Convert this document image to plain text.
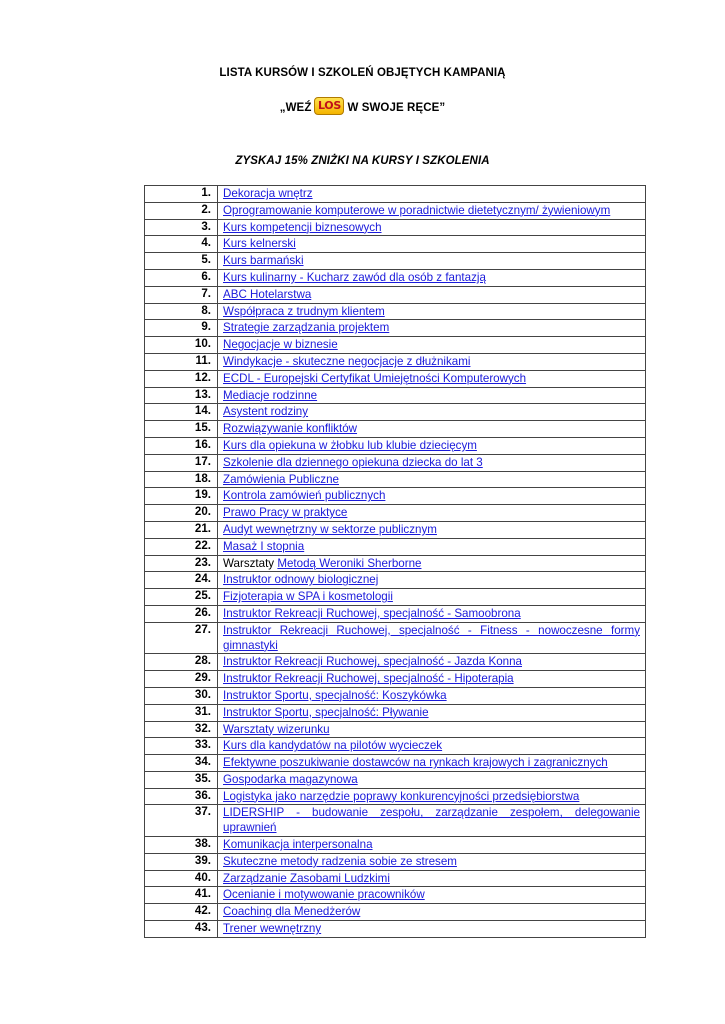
LISTA KURSÓW I SZKOLEŃ OBJĘTYCH KAMPANIĄ
„WEŹ LOS W SWOJE RĘCE”
ZYSKAJ 15% ZNIŻKI NA KURSY I SZKOLENIA
1.	Dekoracja wnętrz
2.	Oprogramowanie komputerowe w poradnictwie dietetycznym/ żywieniowym
3.	Kurs kompetencji biznesowych
4.	Kurs kelnerski
5.	Kurs barmański
6.	Kurs kulinarny - Kucharz zawód dla osób z fantazją
7.	ABC Hotelarstwa
8.	Współpraca z trudnym klientem
9.	Strategie zarządzania projektem
10.	Negocjacje w biznesie
11.	Windykacje - skuteczne negocjacje z dłużnikami
12.	ECDL - Europejski Certyfikat Umiejętności Komputerowych
13.	Mediacje rodzinne
14.	Asystent rodziny
15.	Rozwiązywanie konfliktów
16.	Kurs dla opiekuna w żłobku lub klubie dziecięcym
17.	Szkolenie dla dziennego opiekuna dziecka do lat 3
18.	Zamówienia Publiczne
19.	Kontrola zamówień publicznych
20.	Prawo Pracy w praktyce
21.	Audyt wewnętrzny w sektorze publicznym
22.	Masaż I stopnia
23.	Warsztaty Metodą Weroniki Sherborne
24.	Instruktor odnowy biologicznej
25.	Fizjoterapia w SPA i kosmetologii
26.	Instruktor Rekreacji Ruchowej, specjalność - Samoobrona
27.	Instruktor Rekreacji Ruchowej, specjalność - Fitness - nowoczesne formy gimnastyki
28.	Instruktor Rekreacji Ruchowej, specjalność - Jazda Konna
29.	Instruktor Rekreacji Ruchowej, specjalność - Hipoterapia
30.	Instruktor Sportu, specjalność: Koszykówka
31.	Instruktor Sportu, specjalność: Pływanie
32.	Warsztaty wizerunku
33.	Kurs dla kandydatów na pilotów wycieczek
34.	Efektywne poszukiwanie dostawców na rynkach krajowych i zagranicznych
35.	Gospodarka magazynowa
36.	Logistyka jako narzędzie poprawy konkurencyjności przedsiębiorstwa
37.	LIDERSHIP - budowanie zespołu, zarządzanie zespołem, delegowanie uprawnień
38.	Komunikacja interpersonalna
39.	Skuteczne metody radzenia sobie ze stresem
40.	Zarządzanie Zasobami Ludzkimi
41.	Ocenianie i motywowanie pracowników
42.	Coaching dla Menedżerów
43.	Trener wewnętrzny
